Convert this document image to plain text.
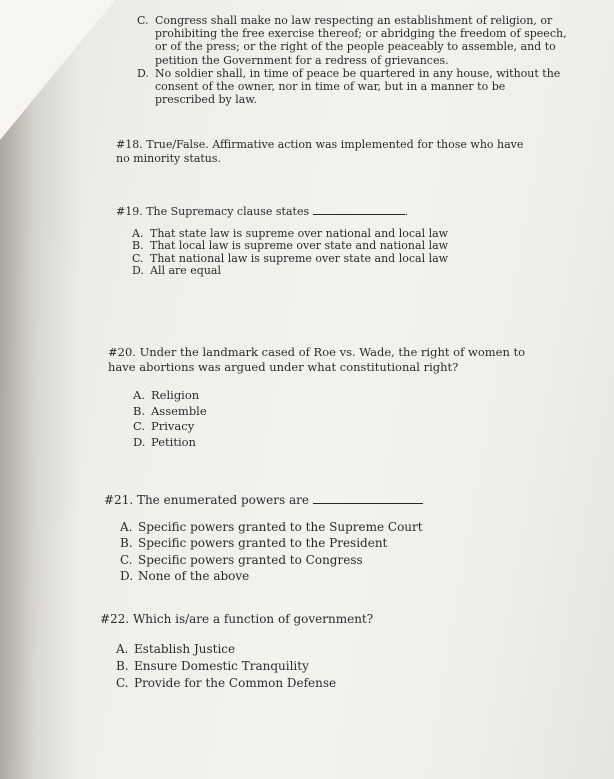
C. Congress shall make no law respecting an establishment of religion, or prohibiting the free exercise thereof; or abridging the freedom of speech, or of the press; or the right of the people peaceably to assemble, and to petition the Government for a redress of grievances.
D. No soldier shall, in time of peace be quartered in any house, without the consent of the owner, nor in time of war, but in a manner to be prescribed by law.

#18. True/False. Affirmative action was implemented for those who have no minority status.

#19. The Supremacy clause states	.

A. That state law is supreme over national and local law
B. That local law is supreme over state and national law
C. That national law is supreme over state and local law
D. All are equal

#20. Under the landmark cased of Roe vs. Wade, the right of women to have abortions was argued under what constitutional right?

A. Religion
B. Assemble
C. Privacy
D. Petition

#21. The enumerated powers are

A. Specific powers granted to the Supreme Court
B. Specific powers granted to the President
C. Specific powers granted to Congress
D. None of the above

#22. Which is/are a function of government?

A. Establish Justice
B. Ensure Domestic Tranquility
C. Provide for the Common Defense
